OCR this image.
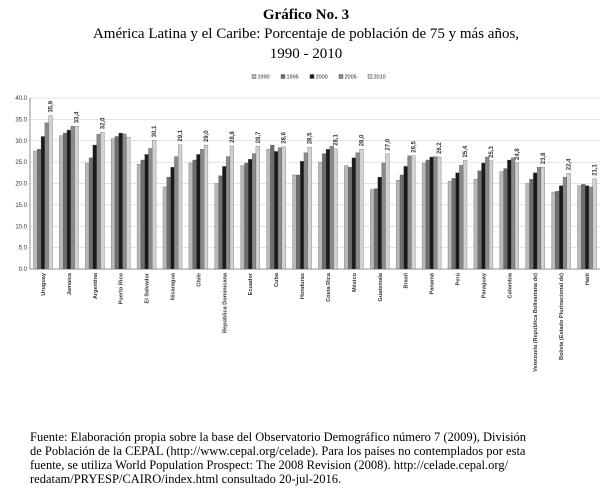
Gráfico No. 3
América Latina y el Caribe: Porcentaje de población de 75 y más años,
1990 - 2010
1990	1995	2000	2005	2010
0.0
5.0
10.0
15.0
20.0
25.0
30.0
35.0
40.0
35,9
Uruguay
33,4
Jamaica
32,0
Argentina	Puerto Rico
30,1
El Salvador
29,1
Nicaragua
29,0
Chile
28,8
República Dominicana
28,7
Ecuador
28,6
Cuba
28,5
Honduras
28,1
Costa Rica
28,0
México
27,0
Guatemala
26,5
Brasil
26,2
Panamá
25,4
Perú
25,3
Paraguay
24,8
Colombia
23,8
Venezuela (República Bolivariana de)
22,4
Bolivia (Estado Plurinacional de)
21,1
Haití
Fuente: Elaboración propia sobre la base del Observatorio Demográfico número 7 (2009), División
de Población de la CEPAL (http://www.cepal.org/celade). Para los países no contemplados por esta
fuente, se utiliza World Population Prospect: The 2008 Revision (2008). http://celade.cepal.org/
redatam/PRYESP/CAIRO/index.html consultado 20-jul-2016.
